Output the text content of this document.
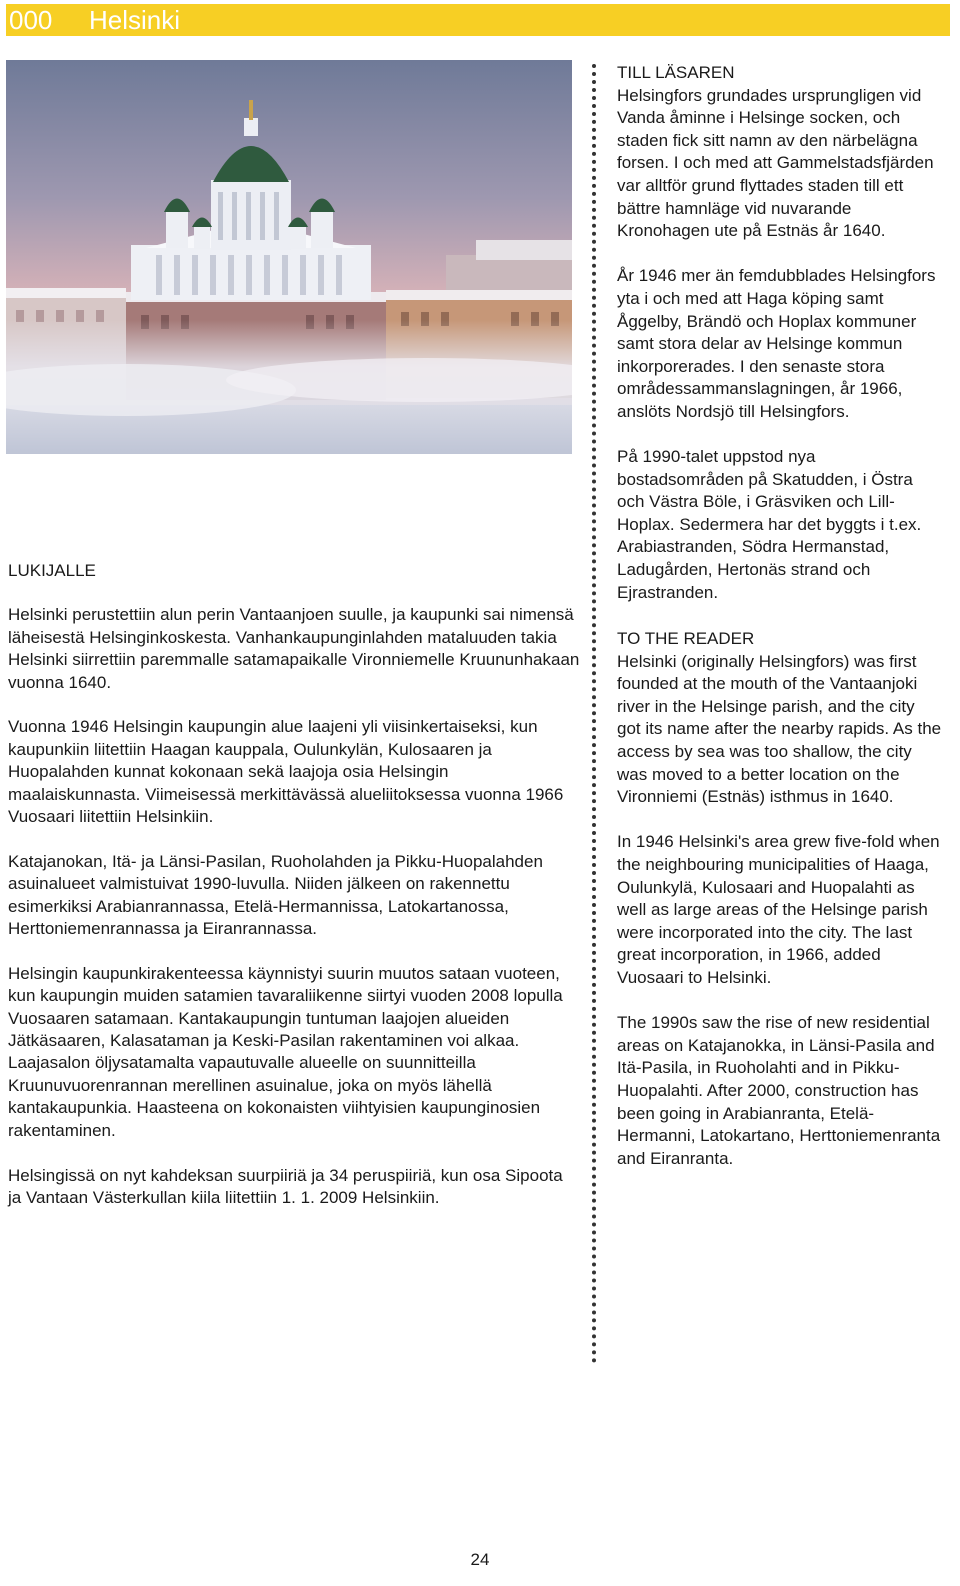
000	Helsinki

LUKIJALLE

Helsinki perustettiin alun perin Vantaanjoen suulle, ja kaupunki sai nimensä läheisestä Helsinginkoskesta. Vanhankaupunginlahden mataluuden takia Helsinki siirrettiin paremmalle satamapaikalle Vironniemelle Kruununhakaan vuonna 1640.

Vuonna 1946 Helsingin kaupungin alue laajeni yli viisinkertaiseksi, kun kaupunkiin liitettiin Haagan kauppala, Oulunkylän, Kulosaaren ja Huopalahden kunnat kokonaan sekä laajoja osia Helsingin maalaiskunnasta. Viimeisessä merkittävässä alueliitoksessa vuonna 1966 Vuosaari liitettiin Helsinkiin.

Katajanokan, Itä- ja Länsi-Pasilan, Ruoholahden ja Pikku-Huopalahden asuinalueet valmistuivat 1990-luvulla. Niiden jälkeen on rakennettu esimerkiksi Arabianrannassa, Etelä-Hermannissa, Latokartanossa, Herttoniemenrannassa ja Eiranrannassa.

Helsingin kaupunkirakenteessa käynnistyi suurin muutos sataan vuoteen, kun kaupungin muiden satamien tavaraliikenne siirtyi vuoden 2008 lopulla Vuosaaren satamaan. Kantakaupungin tuntuman laajojen alueiden Jätkäsaaren, Kalasataman ja Keski-Pasilan rakentaminen voi alkaa. Laajasalon öljysatamalta vapautuvalle alueelle on suunnitteilla Kruunuvuorenrannan merellinen asuinalue, joka on myös lähellä kantakaupunkia. Haasteena on kokonaisten viihtyisien kaupunginosien rakentaminen.

Helsingissä on nyt kahdeksan suurpiiriä ja 34 peruspiiriä, kun osa Sipoota ja Vantaan Västerkullan kiila liitettiin 1. 1. 2009 Helsinkiin.

TILL LÄSAREN

Helsingfors grundades ursprungligen vid Vanda åminne i Helsinge socken, och staden fick sitt namn av den närbelägna forsen. I och med att Gammelstadsfjärden var alltför grund flyttades staden till ett bättre hamnläge vid nuvarande Kronohagen ute på Estnäs år 1640.

År 1946 mer än femdubblades Helsingfors yta i och med att Haga köping samt Åggelby, Brändö och Hoplax kommuner samt stora delar av Helsinge kommun inkorporerades. I den senaste stora områdessammanslagningen, år 1966, anslöts Nordsjö till Helsingfors.

På 1990-talet uppstod nya bostadsområden på Skatudden, i Östra och Västra Böle, i Gräsviken och Lill-Hoplax. Sedermera har det byggts i t.ex. Arabiastranden, Södra Hermanstad, Ladugården, Hertonäs strand och Ejrastranden.

TO THE READER

Helsinki (originally Helsingfors) was first founded at the mouth of the Vantaanjoki river in the Helsinge parish, and the city got its name after the nearby rapids. As the access by sea was too shallow, the city was moved to a better location on the Vironniemi (Estnäs) isthmus in 1640.

In 1946 Helsinki's area grew five-fold when the neighbouring municipalities of Haaga, Oulunkylä, Kulosaari and Huopalahti as well as large areas of the Helsinge parish were incorporated into the city. The last great incorporation, in 1966, added Vuosaari to Helsinki.

The 1990s saw the rise of new residential areas on Katajanokka, in Länsi-Pasila and Itä-Pasila, in Ruoholahti and in Pikku-Huopalahti. After 2000, construction has been going in Arabianranta, Etelä-Hermanni, Latokartano, Herttoniemenranta and Eiranranta.

24
